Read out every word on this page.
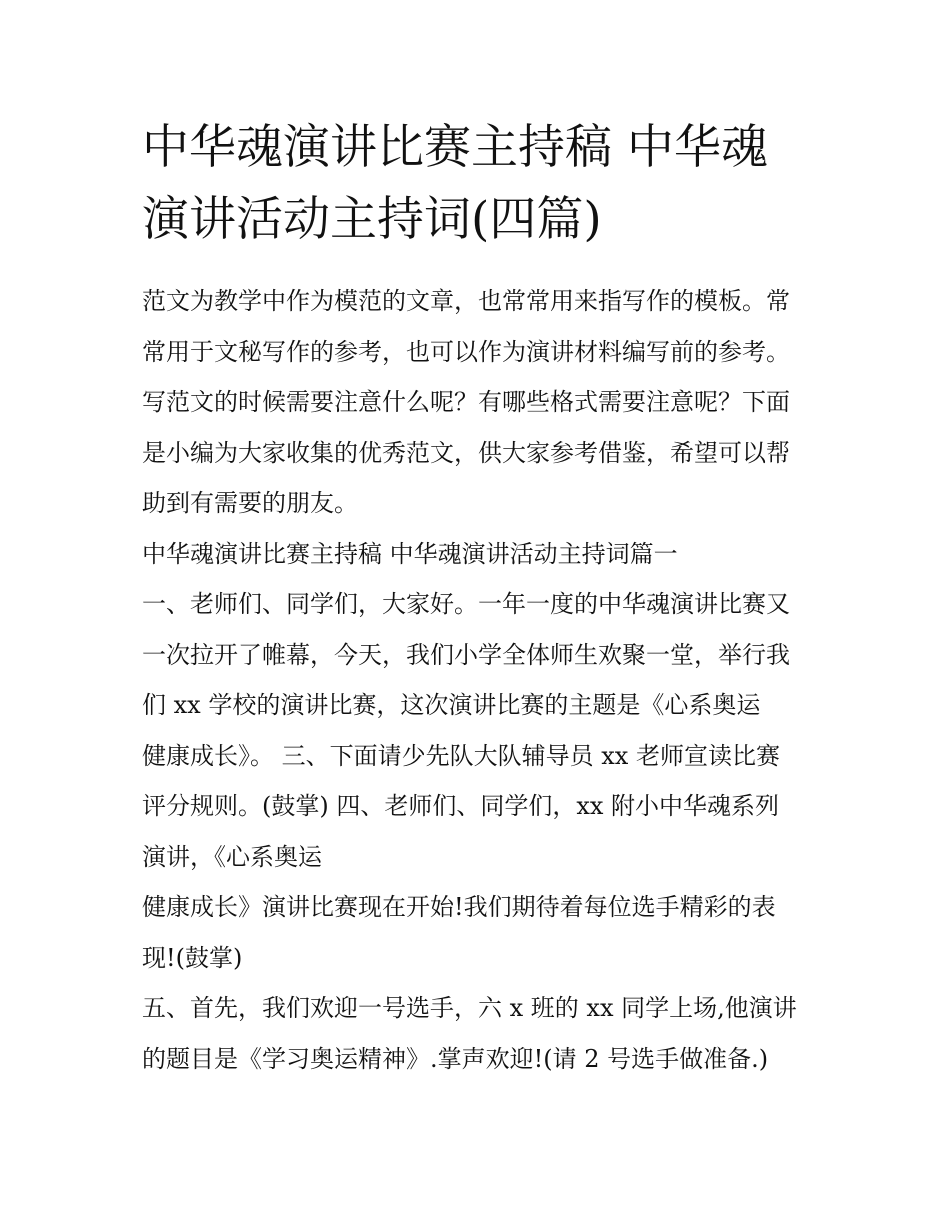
中华魂演讲比赛主持稿 中华魂
演讲活动主持词(四篇)
范文为教学中作为模范的文章，也常常用来指写作的模板。常
常用于文秘写作的参考，也可以作为演讲材料编写前的参考。
写范文的时候需要注意什么呢？有哪些格式需要注意呢？下面
是小编为大家收集的优秀范文，供大家参考借鉴，希望可以帮
助到有需要的朋友。
中华魂演讲比赛主持稿 中华魂演讲活动主持词篇一
一、老师们、同学们，大家好。一年一度的中华魂演讲比赛又
一次拉开了帷幕，今天，我们小学全体师生欢聚一堂，举行我
们 xx 学校的演讲比赛，这次演讲比赛的主题是《心系奥运
健康成长》。 三、下面请少先队大队辅导员 xx 老师宣读比赛
评分规则。(鼓掌) 四、老师们、同学们，xx 附小中华魂系列
演讲，《心系奥运
健康成长》演讲比赛现在开始!我们期待着每位选手精彩的表
现!(鼓掌)
五、首先，我们欢迎一号选手，六 x 班的 xx 同学上场,他演讲
的题目是《学习奥运精神》.掌声欢迎!(请 2 号选手做准备.)
